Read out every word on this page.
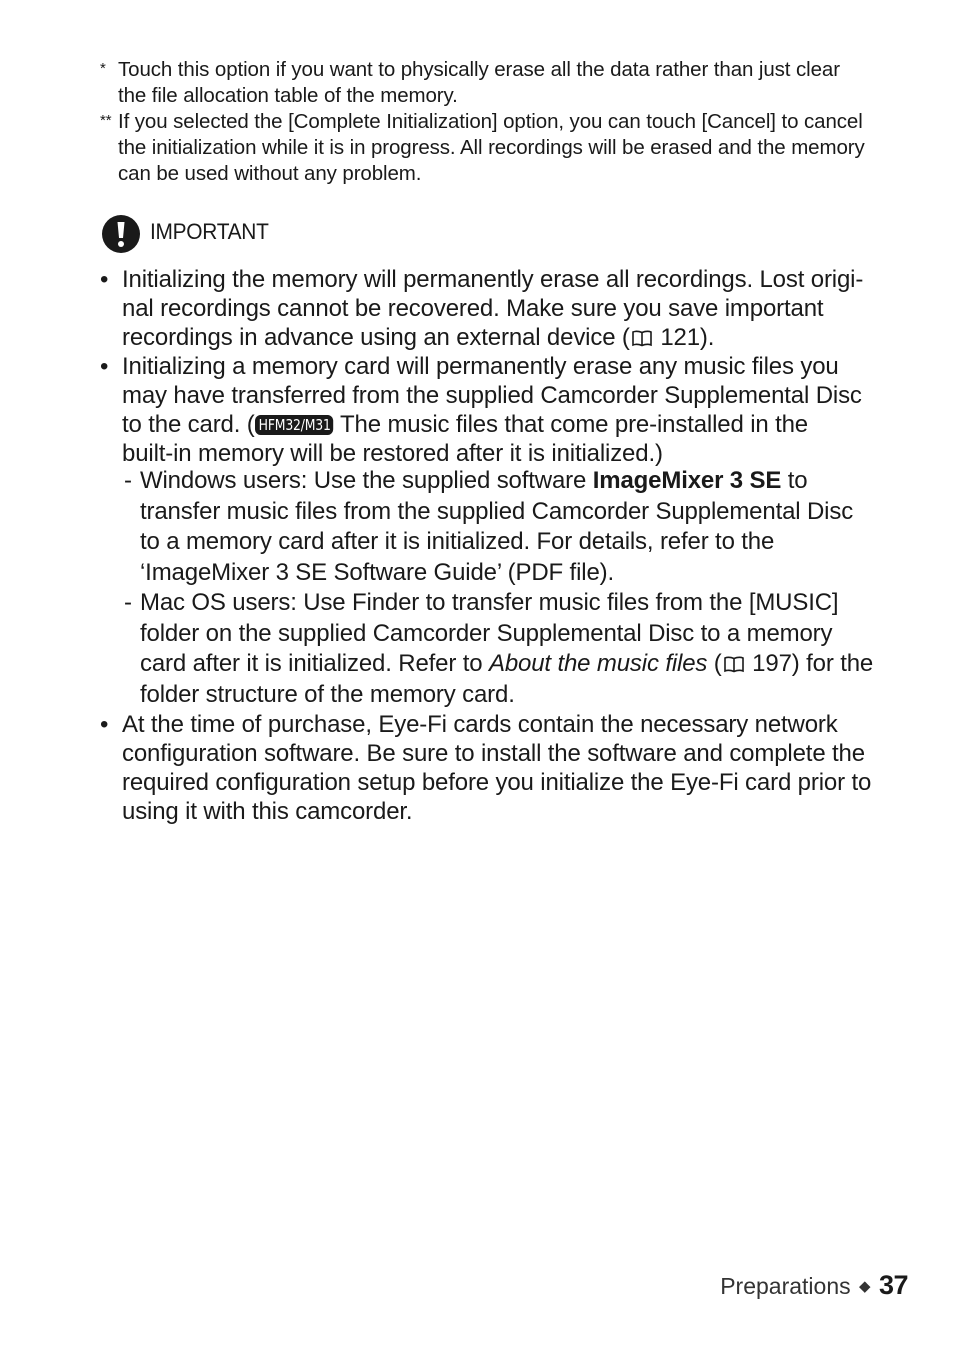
* Touch this option if you want to physically erase all the data rather than just clear
the file allocation table of the memory.
** If you selected the [Complete Initialization] option, you can touch [Cancel] to cancel
the initialization while it is in progress. All recordings will be erased and the memory
can be used without any problem.
IMPORTANT
• Initializing the memory will permanently erase all recordings. Lost origi-
nal recordings cannot be recovered. Make sure you save important
recordings in advance using an external device ( 121).
• Initializing a memory card will permanently erase any music files you
may have transferred from the supplied Camcorder Supplemental Disc
to the card. ( HFM32/M31 The music files that come pre-installed in the
built-in memory will be restored after it is initialized.)
- Windows users: Use the supplied software ImageMixer 3 SE to
transfer music files from the supplied Camcorder Supplemental Disc
to a memory card after it is initialized. For details, refer to the
‘ImageMixer 3 SE Software Guide’ (PDF file).
- Mac OS users: Use Finder to transfer music files from the [MUSIC]
folder on the supplied Camcorder Supplemental Disc to a memory
card after it is initialized. Refer to About the music files ( 197) for the
folder structure of the memory card.
• At the time of purchase, Eye-Fi cards contain the necessary network
configuration software. Be sure to install the software and complete the
required configuration setup before you initialize the Eye-Fi card prior to
using it with this camcorder.
Preparations ◆ 37
